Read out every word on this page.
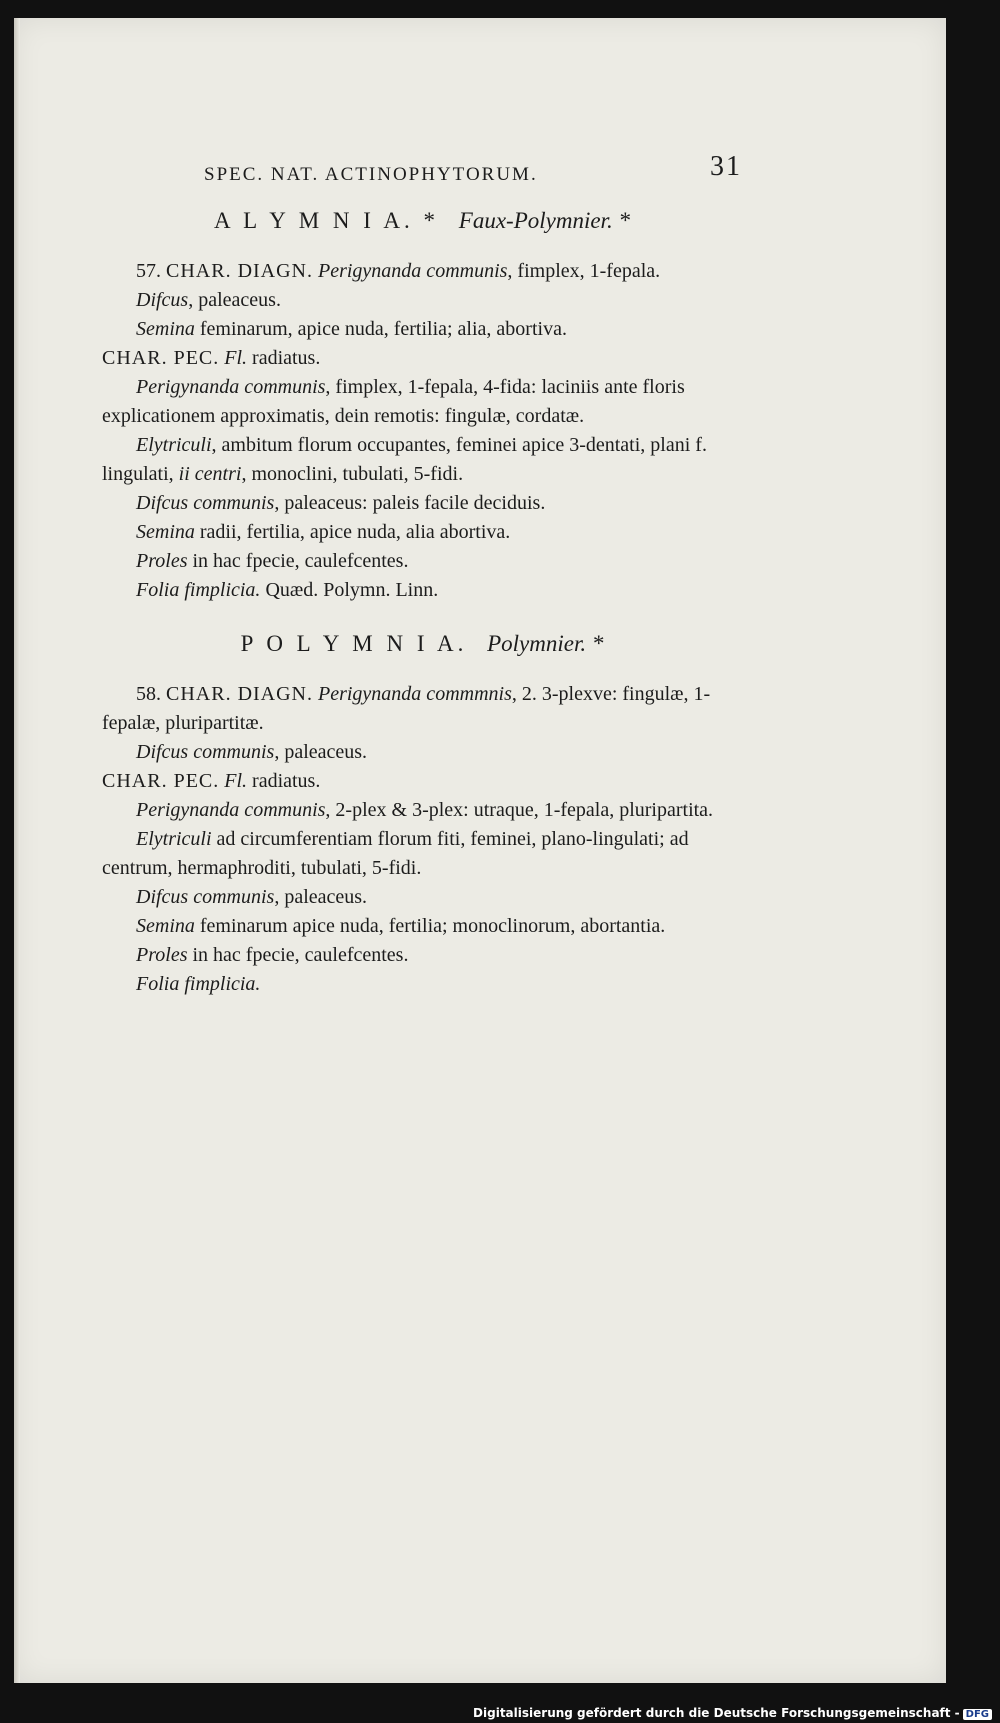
SPEC. NAT. ACTINOPHYTORUM.	31
A L Y M N I A. * Faux-Polymnier. *

57. CHAR. DIAGN. Perigynanda communis, fimplex, 1-fepala.

Difcus, paleaceus.

Semina feminarum, apice nuda, fertilia; alia, abortiva.

CHAR. PEC. Fl. radiatus.

Perigynanda communis, fimplex, 1-fepala, 4-fida: laciniis ante floris explicationem approximatis, dein remotis: fingulæ, cordatæ.

Elytriculi, ambitum florum occupantes, feminei apice 3-dentati, plani f. lingulati, ii centri, monoclini, tubulati, 5-fidi.

Difcus communis, paleaceus: paleis facile deciduis.

Semina radii, fertilia, apice nuda, alia abortiva.

Proles in hac fpecie, caulefcentes.

Folia fimplicia. Quæd. Polymn. Linn.

P O L Y M N I A. Polymnier. *

58. CHAR. DIAGN. Perigynanda commmnis, 2. 3-plexve: fingulæ, 1-fepalæ, pluripartitæ.

Difcus communis, paleaceus.

CHAR. PEC. Fl. radiatus.

Perigynanda communis, 2-plex & 3-plex: utraque, 1-fepala, pluripartita.

Elytriculi ad circumferentiam florum fiti, feminei, plano-lingulati; ad centrum, hermaphroditi, tubulati, 5-fidi.

Difcus communis, paleaceus.

Semina feminarum apice nuda, fertilia; monoclinorum, abortantia.

Proles in hac fpecie, caulefcentes.

Folia fimplicia.

Digitalisierung gefördert durch die Deutsche Forschungsgemeinschaft - DFG
